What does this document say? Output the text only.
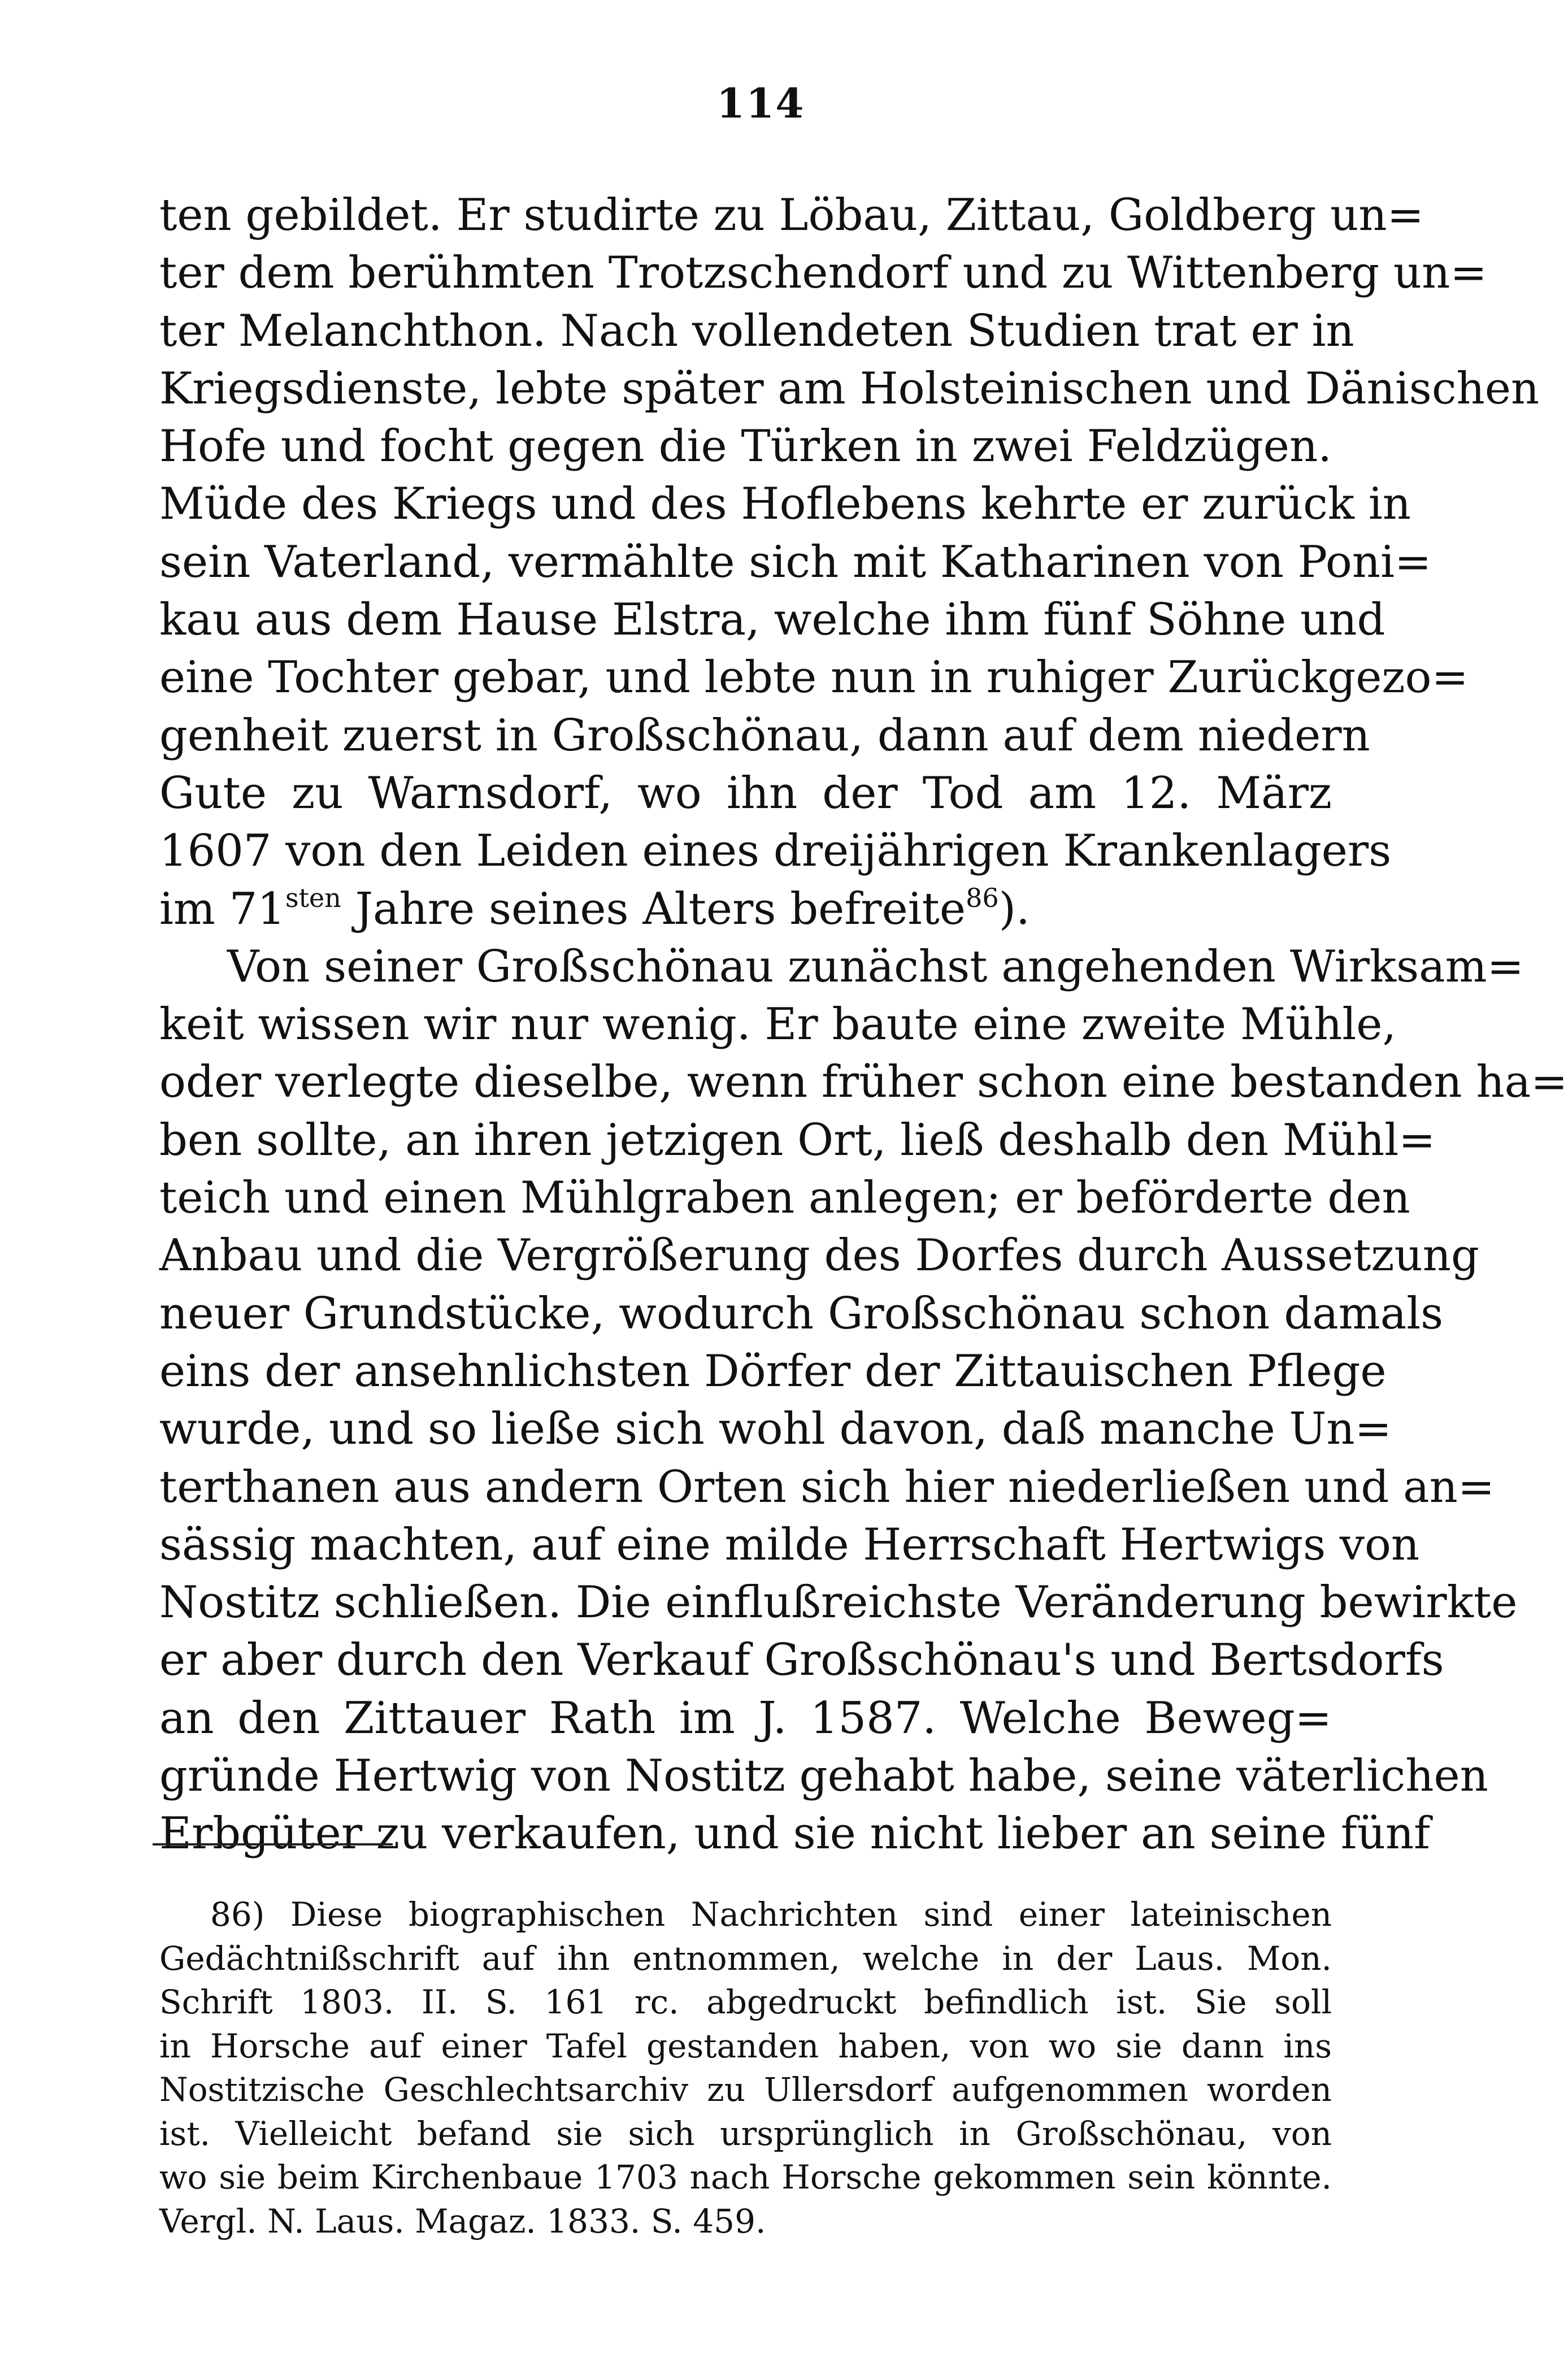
114
ten gebildet. Er studirte zu Löbau, Zittau, Goldberg un=
ter dem berühmten Trotzschendorf und zu Wittenberg un=
ter Melanchthon. Nach vollendeten Studien trat er in
Kriegsdienste, lebte später am Holsteinischen und Dänischen
Hofe und focht gegen die Türken in zwei Feldzügen.
Müde des Kriegs und des Hoflebens kehrte er zurück in
sein Vaterland, vermählte sich mit Katharinen von Poni=
kau aus dem Hause Elstra, welche ihm fünf Söhne und
eine Tochter gebar, und lebte nun in ruhiger Zurückgezo=
genheit zuerst in Großschönau, dann auf dem niedern
Gute zu Warnsdorf, wo ihn der Tod am 12. März
1607 von den Leiden eines dreijährigen Krankenlagers
im $71^{sten}$ Jahre seines Alters befreite$^{86}$).
Von seiner Großschönau zunächst angehenden Wirksam=
keit wissen wir nur wenig. Er baute eine zweite Mühle,
oder verlegte dieselbe, wenn früher schon eine bestanden ha=
ben sollte, an ihren jetzigen Ort, ließ deshalb den Mühl=
teich und einen Mühlgraben anlegen; er beförderte den
Anbau und die Vergrößerung des Dorfes durch Aussetzung
neuer Grundstücke, wodurch Großschönau schon damals
eins der ansehnlichsten Dörfer der Zittauischen Pflege
wurde, und so ließe sich wohl davon, daß manche Un=
terthanen aus andern Orten sich hier niederließen und an=
sässig machten, auf eine milde Herrschaft Hertwigs von
Nostitz schließen. Die einflußreichste Veränderung bewirkte
er aber durch den Verkauf Großschönau's und Bertsdorfs
an den Zittauer Rath im J. 1587. Welche Beweg=
gründe Hertwig von Nostitz gehabt habe, seine väterlichen
Erbgüter zu verkaufen, und sie nicht lieber an seine fünf
86) Diese biographischen Nachrichten sind einer lateinischen
Gedächtnißschrift auf ihn entnommen, welche in der Laus. Mon.
Schrift 1803. II. S. 161 rc. abgedruckt befindlich ist. Sie soll
in Horsche auf einer Tafel gestanden haben, von wo sie dann ins
Nostitzische Geschlechtsarchiv zu Ullersdorf aufgenommen worden
ist. Vielleicht befand sie sich ursprünglich in Großschönau, von
wo sie beim Kirchenbaue 1703 nach Horsche gekommen sein könnte.
Vergl. N. Laus. Magaz. 1833. S. 459.
